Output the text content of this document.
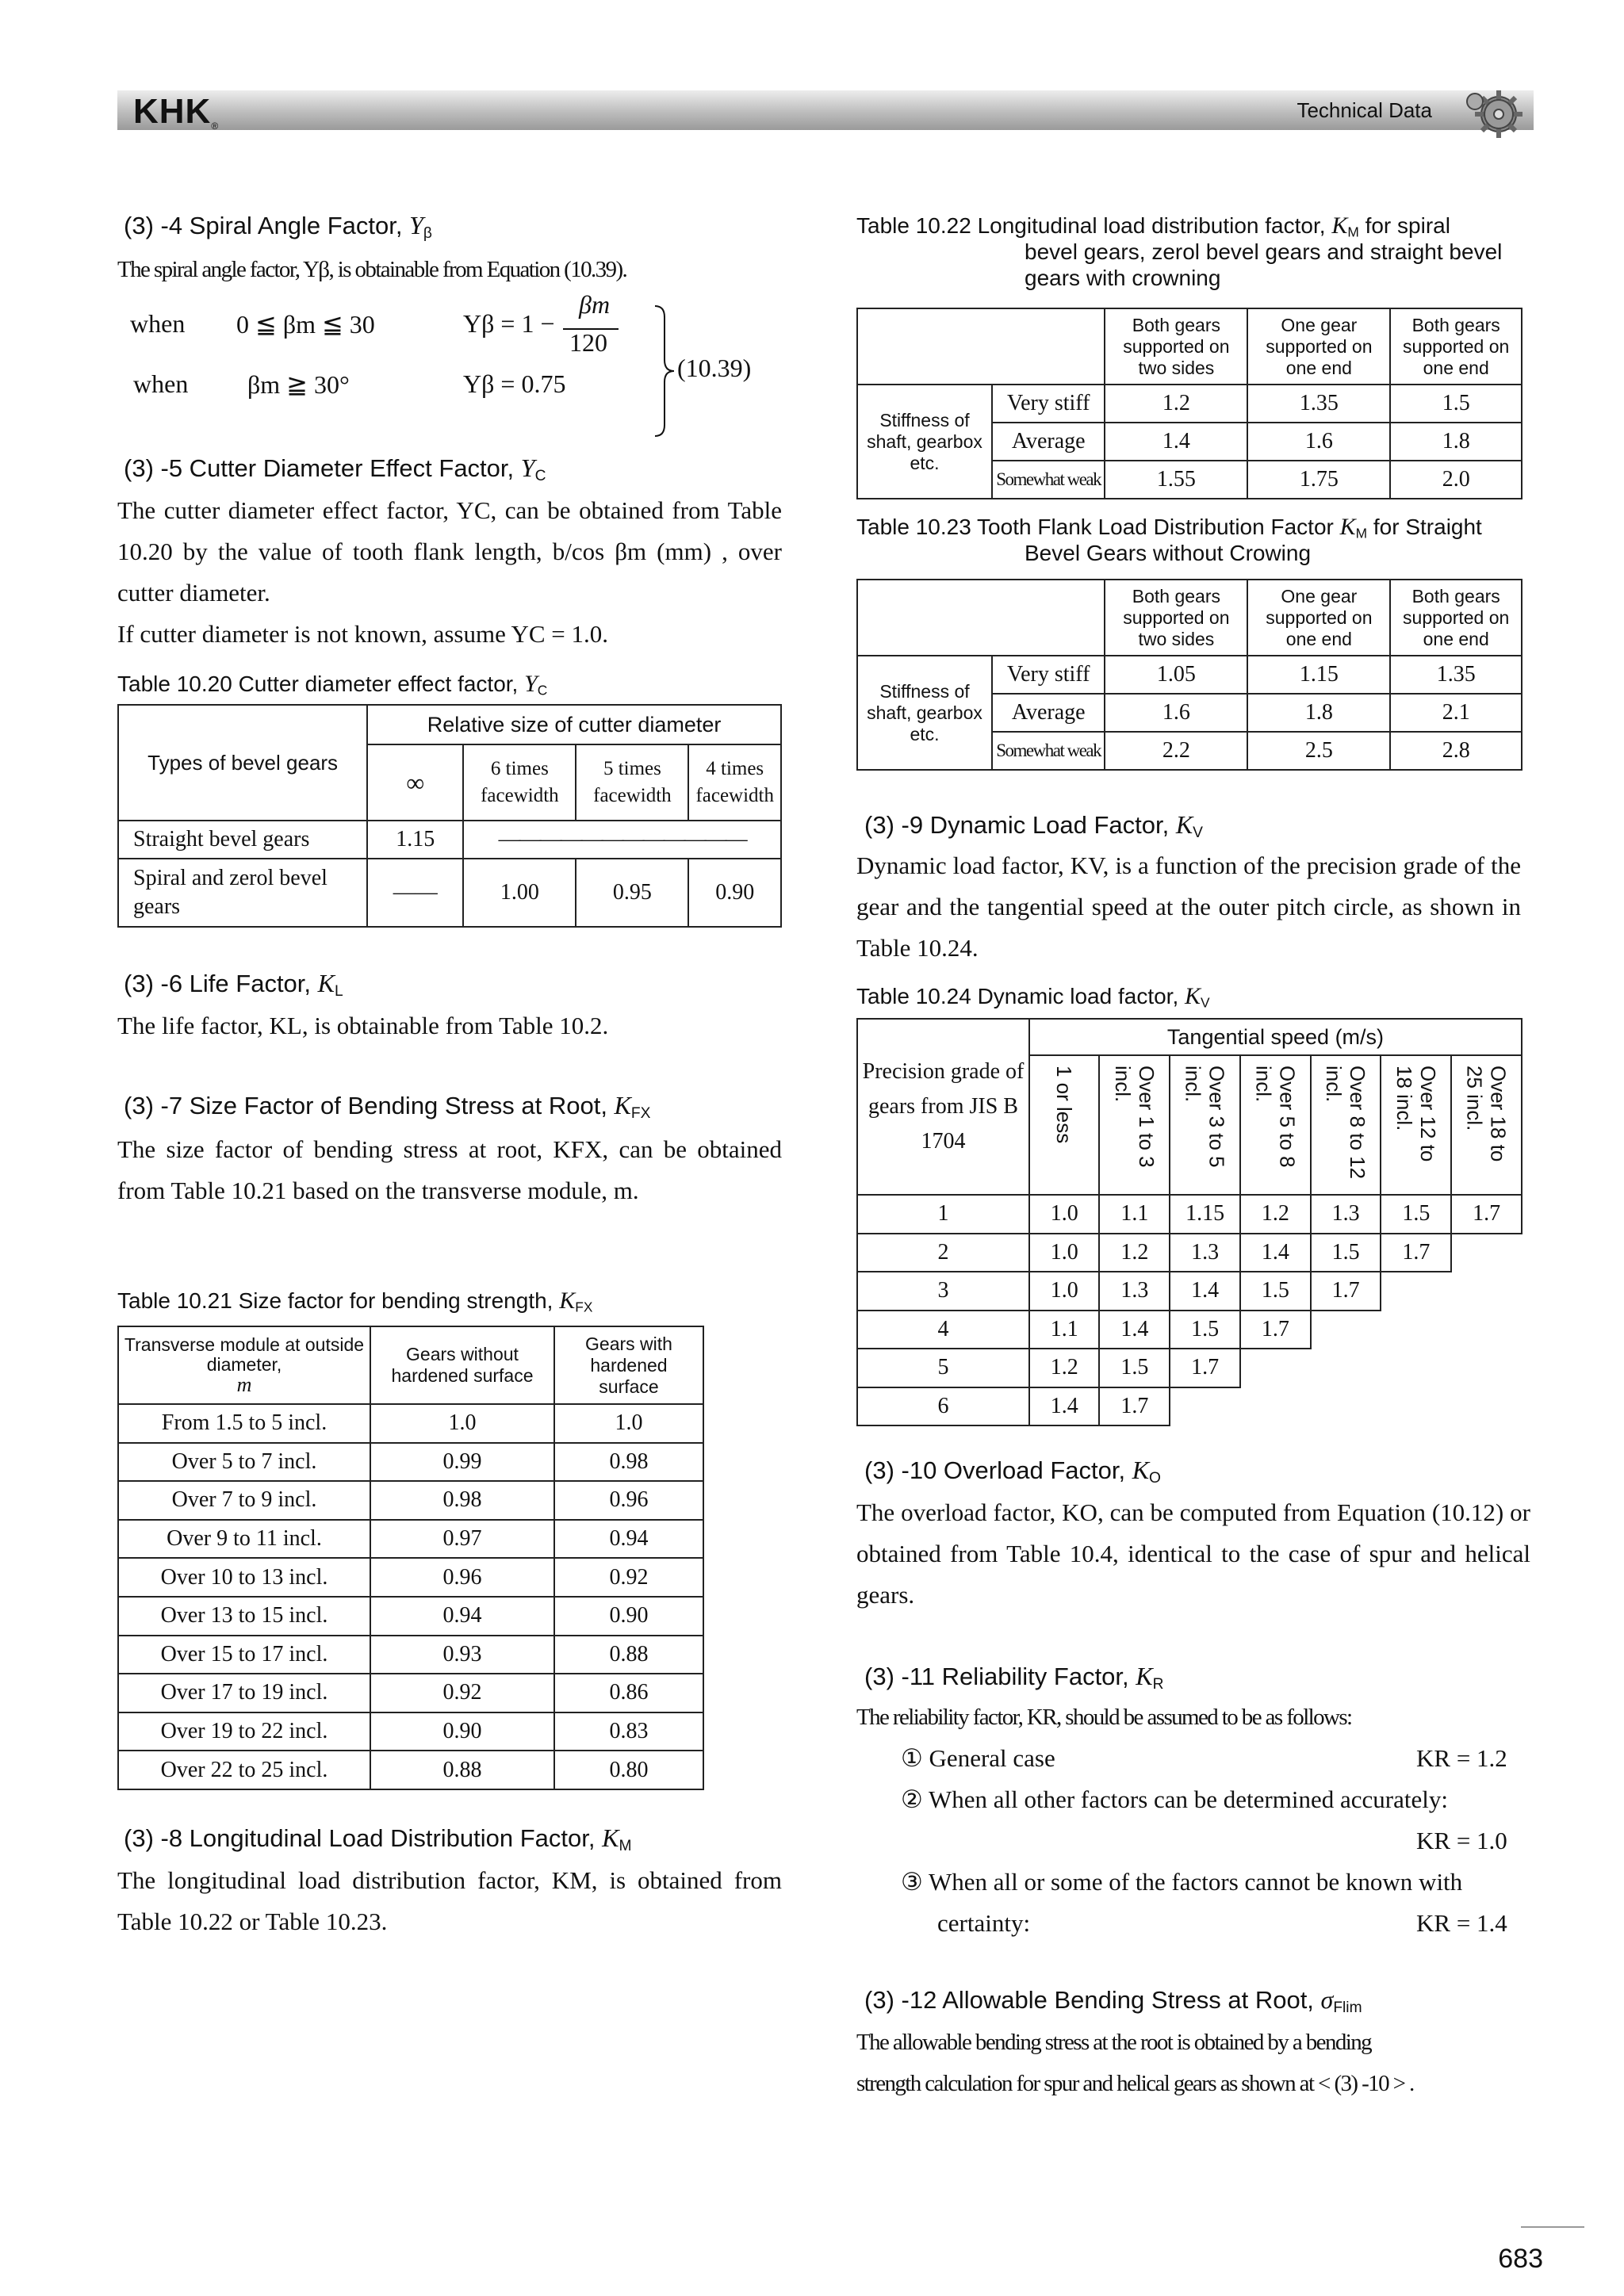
KHK®
Technical Data
(3) -4 Spiral Angle Factor, $Y_\beta$
The spiral angle factor, Yβ, is obtainable from Equation (10.39).
when 0 ≦ βm ≦ 30	Yβ = 1 −
βm
120
when βm ≧ 30°	Yβ = 0.75
(10.39)
(3) -5 Cutter Diameter Effect Factor, $Y_C$
The cutter diameter effect factor, YC, can be obtained from Table 10.20 by the value of tooth flank length, b/cos βm (mm) , over cutter diameter.
If cutter diameter is not known, assume YC = 1.0.
Table 10.20 Cutter diameter effect factor, $Y_C$
Types of bevel gears	Relative size of cutter diameter			
	∞	6 times facewidth	5 times facewidth	4 times facewidth
Straight bevel gears	1.15	————————————		
Spiral and zerol bevel gears	——	1.00	0.95	0.90
(3) -6 Life Factor, $K_L$
The life factor, KL, is obtainable from Table 10.2.
(3) -7 Size Factor of Bending Stress at Root, $K_{FX}$
The size factor of bending stress at root, KFX, can be obtained from Table 10.21 based on the transverse module, m.
Table 10.21 Size factor for bending strength, $K_{FX}$
Transverse module at outside diameter,
m	Gears without hardened surface	Gears with hardened surface
From 1.5 to 5 incl.	1.0	1.0
Over 5 to 7 incl.	0.99	0.98
Over 7 to 9 incl.	0.98	0.96
Over 9 to 11 incl.	0.97	0.94
Over 10 to 13 incl.	0.96	0.92
Over 13 to 15 incl.	0.94	0.90
Over 15 to 17 incl.	0.93	0.88
Over 17 to 19 incl.	0.92	0.86
Over 19 to 22 incl.	0.90	0.83
Over 22 to 25 incl.	0.88	0.80
(3) -8 Longitudinal Load Distribution Factor, $K_M$
The longitudinal load distribution factor, KM, is obtained from Table 10.22 or Table 10.23.
Table 10.22 Longitudinal load distribution factor, $K_M$ for spiral
bevel gears, zerol bevel gears and straight bevel
gears with crowning
		Both gears supported on two sides	One gear supported on one end	Both gears supported on one end
Stiffness of shaft, gearbox etc.	Very stiff	1.2	1.35	1.5
	Average	1.4	1.6	1.8
	Somewhat weak	1.55	1.75	2.0
Table 10.23 Tooth Flank Load Distribution Factor $K_M$ for Straight
Bevel Gears without Crowing
		Both gears supported on two sides	One gear supported on one end	Both gears supported on one end
Stiffness of shaft, gearbox etc.	Very stiff	1.05	1.15	1.35
	Average	1.6	1.8	2.1
	Somewhat weak	2.2	2.5	2.8
(3) -9 Dynamic Load Factor, $K_V$
Dynamic load factor, KV, is a function of the precision grade of the gear and the tangential speed at the outer pitch circle, as shown in Table 10.24.
Table 10.24 Dynamic load factor, $K_V$
Precision grade of gears from JIS B 1704	Tangential speed (m/s)						
	1 or less	Over 1 to 3 incl.	Over 3 to 5 incl.	Over 5 to 8 incl.	Over 8 to 12 incl.	Over 12 to 18 incl.	Over 18 to 25 incl.
1	1.0	1.1	1.15	1.2	1.3	1.5	1.7
2	1.0	1.2	1.3	1.4	1.5	1.7	
3	1.0	1.3	1.4	1.5	1.7		
4	1.1	1.4	1.5	1.7			
5	1.2	1.5	1.7				
6	1.4	1.7					
(3) -10 Overload Factor, $K_O$
The overload factor, KO, can be computed from Equation (10.12) or obtained from Table 10.4, identical to the case of spur and helical gears.
(3) -11 Reliability Factor, $K_R$
The reliability factor, KR, should be assumed to be as follows:
① General case	KR = 1.2
② When all other factors can be determined accurately:
KR = 1.0
③ When all or some of the factors cannot be known with
certainty:	KR = 1.4
(3) -12 Allowable Bending Stress at Root, $\sigma_{Flim}$
The allowable bending stress at the root is obtained by a bending
strength calculation for spur and helical gears as shown at < (3) -10 > .
683
